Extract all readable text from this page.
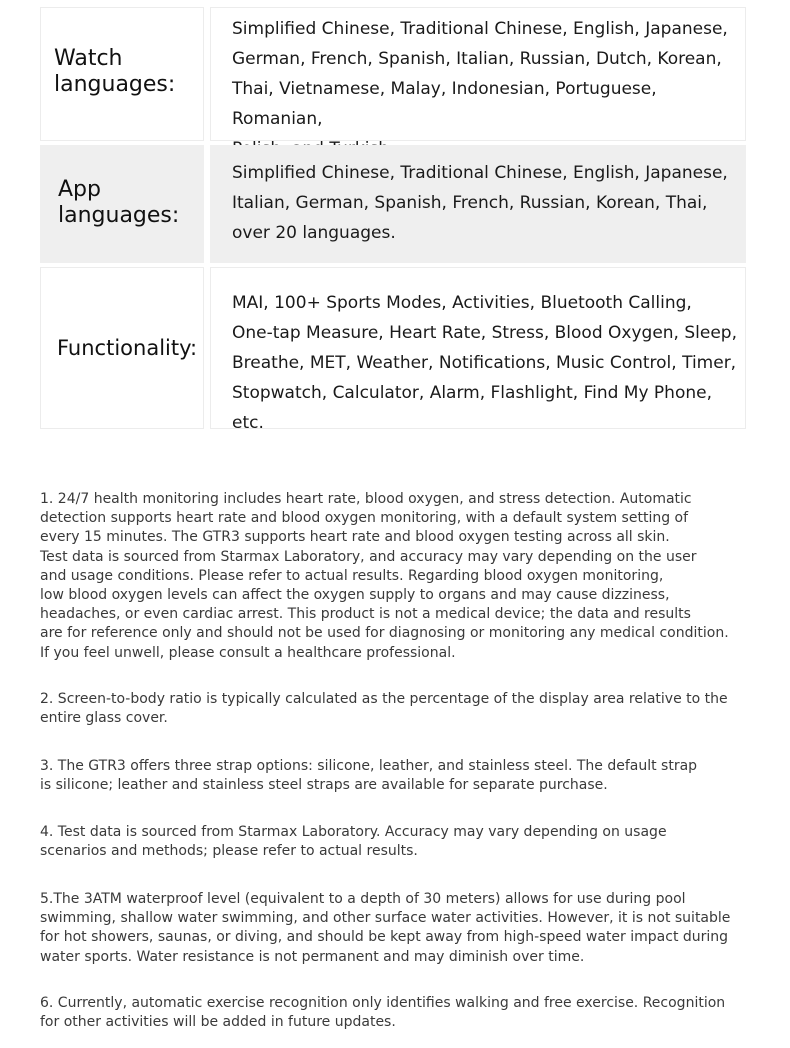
Watch
languages:
Simplified Chinese, Traditional Chinese, English, Japanese,
German, French, Spanish, Italian, Russian, Dutch, Korean,
Thai, Vietnamese, Malay, Indonesian, Portuguese, Romanian,

App
languages:
Simplified Chinese, Traditional Chinese, English, Japanese,
Italian, German, Spanish, French, Russian, Korean, Thai,
over 20 languages.
Functionality:
MAI, 100+ Sports Modes, Activities, Bluetooth Calling,
One-tap Measure, Heart Rate, Stress, Blood Oxygen, Sleep,
Breathe, MET, Weather, Notifications, Music Control, Timer,
Stopwatch, Calculator, Alarm, Flashlight, Find My Phone, etc.
1. 24/7 health monitoring includes heart rate, blood oxygen, and stress detection. Automatic
detection supports heart rate and blood oxygen monitoring, with a default system setting of
every 15 minutes. The GTR3 supports heart rate and blood oxygen testing across all skin.
Test data is sourced from Starmax Laboratory, and accuracy may vary depending on the user
and usage conditions. Please refer to actual results. Regarding blood oxygen monitoring,
low blood oxygen levels can affect the oxygen supply to organs and may cause dizziness,
headaches, or even cardiac arrest. This product is not a medical device; the data and results
are for reference only and should not be used for diagnosing or monitoring any medical condition.
If you feel unwell, please consult a healthcare professional.
2. Screen-to-body ratio is typically calculated as the percentage of the display area relative to the
entire glass cover.
3. The GTR3 offers three strap options: silicone, leather, and stainless steel. The default strap
is silicone; leather and stainless steel straps are available for separate purchase.
4. Test data is sourced from Starmax Laboratory. Accuracy may vary depending on usage
scenarios and methods; please refer to actual results.
5.The 3ATM waterproof level (equivalent to a depth of 30 meters) allows for use during pool
swimming, shallow water swimming, and other surface water activities. However, it is not suitable
for hot showers, saunas, or diving, and should be kept away from high-speed water impact during
water sports. Water resistance is not permanent and may diminish over time.
6. Currently, automatic exercise recognition only identifies walking and free exercise. Recognition
for other activities will be added in future updates.
